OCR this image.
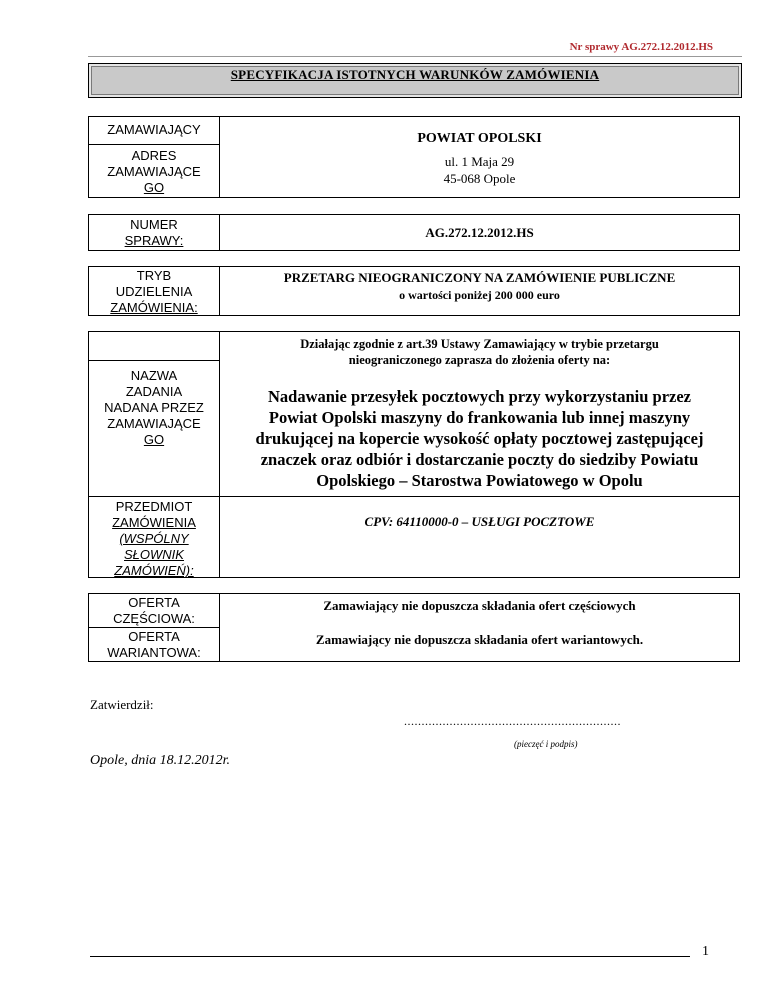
Nr sprawy AG.272.12.2012.HS
SPECYFIKACJA ISTOTNYCH WARUNKÓW ZAMÓWIENIA
ZAMAWIAJĄCY
ADRES
ZAMAWIAJĄCE
GO
POWIAT OPOLSKI
ul. 1 Maja 29
45-068 Opole
NUMER
SPRAWY:
AG.272.12.2012.HS
TRYB
UDZIELENIA
ZAMÓWIENIA:
PRZETARG NIEOGRANICZONY NA ZAMÓWIENIE PUBLICZNE
o wartości poniżej 200 000 euro
NAZWA
ZADANIA
NADANA PRZEZ
ZAMAWIAJĄCE
GO
Działając zgodnie z art.39 Ustawy Zamawiający w trybie przetargu
nieograniczonego zaprasza do złożenia oferty na:
Nadawanie przesyłek pocztowych przy wykorzystaniu przez
Powiat Opolski maszyny do frankowania lub innej maszyny
drukującej na kopercie wysokość opłaty pocztowej zastępującej
znaczek oraz odbiór i dostarczanie poczty do siedziby Powiatu
Opolskiego – Starostwa Powiatowego w Opolu
PRZEDMIOT
ZAMÓWIENIA
(WSPÓLNY
SŁOWNIK
ZAMÓWIEŃ):
CPV: 64110000-0 – USŁUGI POCZTOWE
OFERTA
CZĘŚCIOWA:
OFERTA
WARIANTOWA:
Zamawiający nie dopuszcza składania ofert częściowych
Zamawiający nie dopuszcza składania ofert wariantowych.
Zatwierdził:
..............................................................
(pieczęć i podpis)
Opole, dnia 18.12.2012r.
1
